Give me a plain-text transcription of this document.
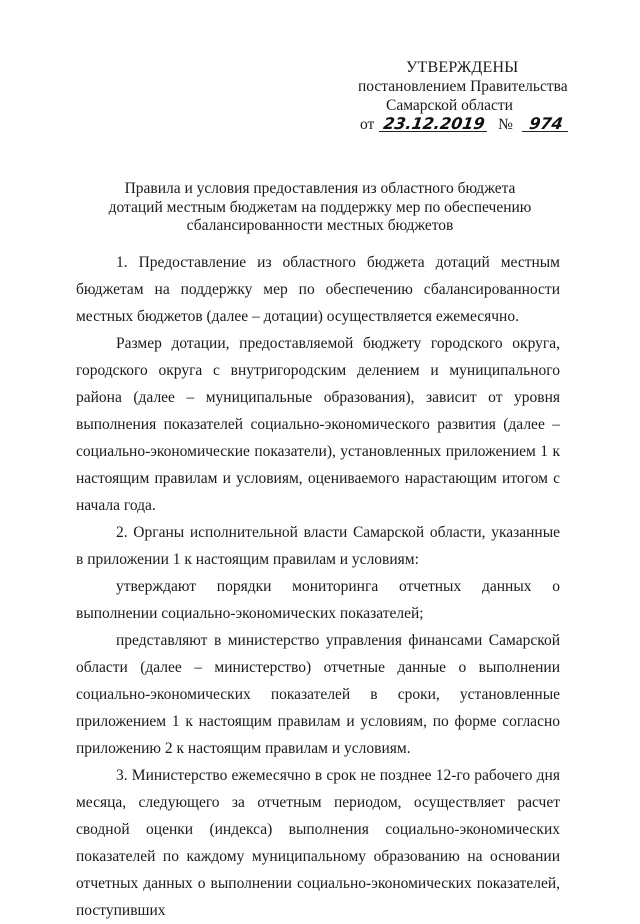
УТВЕРЖДЕНЫ
постановлением Правительства
Самарской области
от 23.12.2019 № 974
Правила и условия предоставления из областного бюджета
дотаций местным бюджетам на поддержку мер по обеспечению
сбалансированности местных бюджетов

1. Предоставление из областного бюджета дотаций местным бюджетам на поддержку мер по обеспечению сбалансированности местных бюджетов (далее – дотации) осуществляется ежемесячно.

Размер дотации, предоставляемой бюджету городского округа, городского округа с внутригородским делением и муниципального района (далее – муниципальные образования), зависит от уровня выполнения показателей социально-экономического развития (далее – социально-экономические показатели), установленных приложением 1 к настоящим правилам и условиям, оцениваемого нарастающим итогом с начала года.

2. Органы исполнительной власти Самарской области, указанные в приложении 1 к настоящим правилам и условиям:

утверждают порядки мониторинга отчетных данных о выполнении социально-экономических показателей;

представляют в министерство управления финансами Самарской области (далее – министерство) отчетные данные о выполнении социально-экономических показателей в сроки, установленные приложением 1 к настоящим правилам и условиям, по форме согласно приложению 2 к настоящим правилам и условиям.

3. Министерство ежемесячно в срок не позднее 12-го рабочего дня месяца, следующего за отчетным периодом, осуществляет расчет сводной оценки (индекса) выполнения социально-экономических показателей по каждому муниципальному образованию на основании отчетных данных о выполнении социально-экономических показателей, поступивших
